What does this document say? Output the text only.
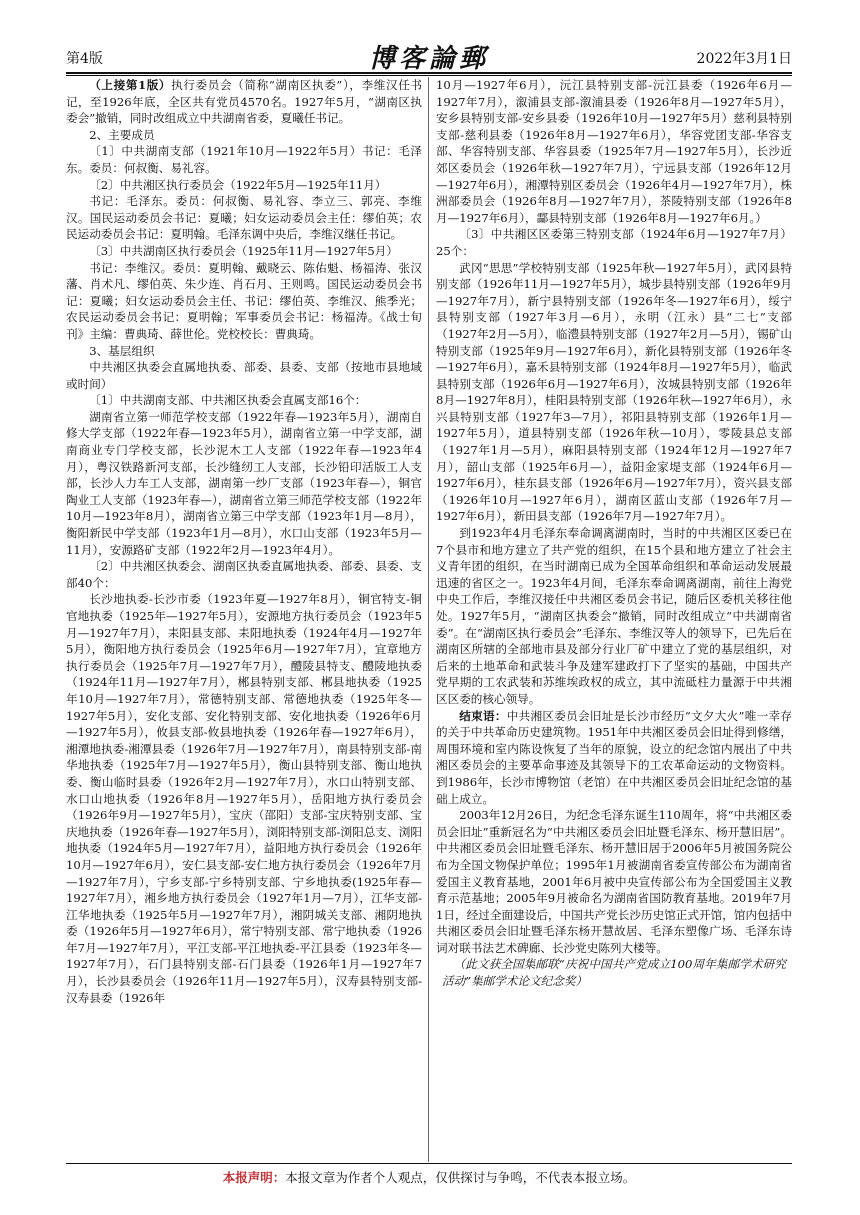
第4版	博客論郵	2022年3月1日

（上接第1版）执行委员会（简称“湖南区执委”），李维汉任书记，至1926年底，全区共有党员4570名。1927年5月，“湖南区执委会”撤销，同时改组成立中共湖南省委，夏曦任书记。

2、主要成员

〔1〕中共湖南支部（1921年10月—1922年5月）书记：毛泽东。委员：何叔衡、易礼容。

〔2〕中共湘区执行委员会（1922年5月—1925年11月）

书记：毛泽东。委员：何叔衡、易礼容、李立三、郭亮、李维汉。国民运动委员会书记：夏曦；妇女运动委员会主任：缪伯英；农民运动委员会书记：夏明翰。毛泽东调中央后，李维汉继任书记。

〔3〕中共湖南区执行委员会（1925年11月—1927年5月）

书记：李维汉。委员：夏明翰、戴晓云、陈佑魁、杨福涛、张汉藩、肖术凡、缪伯英、朱少连、肖石月、王则鸣。国民运动委员会书记：夏曦；妇女运动委员会主任、书记：缪伯英、李维汉、熊季光；农民运动委员会书记：夏明翰；军事委员会书记：杨福涛。《战士旬刊》主编：曹典琦、薛世伦。党校校长：曹典琦。

3、基层组织

中共湘区执委会直属地执委、部委、县委、支部（按地市县地域或时间）

〔1〕中共湖南支部、中共湘区执委会直属支部16个：

湖南省立第一师范学校支部（1922年春—1923年5月），湖南自修大学支部（1922年春—1923年5月），湖南省立第一中学支部，湖南商业专门学校支部，长沙泥木工人支部（1922年春—1923年4月），粤汉铁路新河支部，长沙缝纫工人支部，长沙铅印活版工人支部，长沙人力车工人支部，湖南第一纱厂支部（1923年春—），铜官陶业工人支部（1923年春—），湖南省立第三师范学校支部（1922年10月—1923年8月），湖南省立第三中学支部（1923年1月—8月），衡阳新民中学支部（1923年1月—8月），水口山支部（1923年5月—11月），安源路矿支部（1922年2月—1923年4月）。

〔2〕中共湘区执委会、湖南区执委直属地执委、部委、县委、支部40个：

长沙地执委-长沙市委（1923年夏—1927年8月），铜官特支-铜官地执委（1925年—1927年5月），安源地方执行委员会（1923年5月—1927年7月），耒阳县支部、耒阳地执委（1924年4月—1927年5月），衡阳地方执行委员会（1925年6月—1927年7月），宜章地方执行委员会（1925年7月—1927年7月），醴陵县特支、醴陵地执委（1924年11月—1927年7月），郴县特别支部、郴县地执委（1925年10月—1927年7月），常德特别支部、常德地执委（1925年冬—1927年5月），安化支部、安化特别支部、安化地执委（1926年6月—1927年5月），攸县支部-攸县地执委（1926年春—1927年6月），湘潭地执委-湘潭县委（1926年7月—1927年7月），南县特别支部-南华地执委（1925年7月—1927年5月），衡山县特别支部、衡山地执委、衡山临时县委（1926年2月—1927年7月），水口山特别支部、水口山地执委（1926年8月—1927年5月），岳阳地方执行委员会（1926年9月—1927年5月），宝庆（邵阳）支部-宝庆特别支部、宝庆地执委（1926年春—1927年5月），浏阳特别支部-浏阳总支、浏阳地执委（1924年5月—1927年7月），益阳地方执行委员会（1926年10月—1927年6月），安仁县支部-安仁地方执行委员会（1926年7月—1927年7月），宁乡支部-宁乡特别支部、宁乡地执委(1925年春—1927年7月），湘乡地方执行委员会（1927年1月—7月），江华支部-江华地执委（1925年5月—1927年7月），湘阴城关支部、湘阴地执委（1926年5月—1927年6月），常宁特别支部、常宁地执委（1926年7月—1927年7月），平江支部-平江地执委-平江县委（1923年冬—1927年7月），石门县特别支部-石门县委（1926年1月—1927年7月），长沙县委员会（1926年11月—1927年5月），汉寿县特别支部-汉寿县委（1926年

10月—1927年6月），沅江县特别支部-沅江县委（1926年6月—1927年7月），溆浦县支部-溆浦县委（1926年8月—1927年5月），安乡县特别支部-安乡县委（1926年10月—1927年5月）慈利县特别支部-慈利县委（1926年8月—1927年6月），华容党团支部-华容支部、华容特别支部、华容县委（1925年7月—1927年5月），长沙近郊区委员会（1926年秋—1927年7月），宁远县支部（1926年12月—1927年6月），湘潭特别区委员会（1926年4月—1927年7月），株洲部委员会（1926年8月—1927年7月），茶陵特别支部（1926年8月—1927年6月），酃县特别支部（1926年8月—1927年6月。）

〔3〕中共湘区区委第三特别支部（1924年6月—1927年7月）25个：

武冈“思思”学校特别支部（1925年秋—1927年5月），武冈县特别支部（1926年11月—1927年5月），城步县特别支部（1926年9月—1927年7月），新宁县特别支部（1926年冬—1927年6月），绥宁县特别支部（1927年3月—6月），永明（江永）县“二七”支部（1927年2月—5月），临澧县特别支部（1927年2月—5月），锡矿山特别支部（1925年9月—1927年6月），新化县特别支部（1926年冬—1927年6月），嘉禾县特别支部（1924年8月—1927年5月），临武县特别支部（1926年6月—1927年6月），汝城县特别支部（1926年8月—1927年8月），桂阳县特别支部（1926年秋—1927年6月），永兴县特别支部（1927年3—7月），祁阳县特别支部（1926年1月—1927年5月），道县特别支部（1926年秋—10月），零陵县总支部（1927年1月—5月），麻阳县特别支部（1924年12月—1927年7月），韶山支部（1925年6月—），益阳金家堤支部（1924年6月—1927年6月），桂东县支部（1926年6月—1927年7月），资兴县支部（1926年10月—1927年6月），湖南区蓝山支部（1926年7月—1927年6月），新田县支部（1926年7月—1927年7月）。

到1923年4月毛泽东奉命调离湖南时，当时的中共湘区区委已在7个县市和地方建立了共产党的组织，在15个县和地方建立了社会主义青年团的组织，在当时湖南已成为全国革命组织和革命运动发展最迅速的省区之一。1923年4月间，毛泽东奉命调离湖南，前往上海党中央工作后，李维汉接任中共湘区委员会书记，随后区委机关移往他处。1927年5月，“湖南区执委会”撤销，同时改组成立“中共湖南省委”。在“湖南区执行委员会”毛泽东、李维汉等人的领导下，已先后在湖南区所辖的全部地市县及部分行业厂矿中建立了党的基层组织，对后来的土地革命和武装斗争及建军建政打下了坚实的基础，中国共产党早期的工农武装和苏维埃政权的成立，其中流砥柱力量源于中共湘区区委的核心领导。

结束语：中共湘区委员会旧址是长沙市经历“文夕大火”唯一幸存的关于中共革命历史建筑物。1951年中共湘区委员会旧址得到修缮，周围环境和室内陈设恢复了当年的原貌，设立的纪念馆内展出了中共湘区委员会的主要革命事迹及其领导下的工农革命运动的文物资料。到1986年，长沙市博物馆（老馆）在中共湘区委员会旧址纪念馆的基础上成立。

2003年12月26日，为纪念毛泽东诞生110周年，将“中共湘区委员会旧址”重新冠名为“中共湘区委员会旧址暨毛泽东、杨开慧旧居”。中共湘区委员会旧址暨毛泽东、杨开慧旧居于2006年5月被国务院公布为全国文物保护单位；1995年1月被湖南省委宣传部公布为湖南省爱国主义教育基地，2001年6月被中央宣传部公布为全国爱国主义教育示范基地；2005年9月被命名为湖南省国防教育基地。2019年7月1日，经过全面建设后，中国共产党长沙历史馆正式开馆，馆内包括中共湘区委员会旧址暨毛泽东杨开慧故居、毛泽东塑像广场、毛泽东诗词对联书法艺术碑廊、长沙党史陈列大楼等。

（此文获全国集邮联“庆祝中国共产党成立100周年集邮学术研究活动”集邮学术论文纪念奖）

本报声明：本报文章为作者个人观点，仅供探讨与争鸣，不代表本报立场。
